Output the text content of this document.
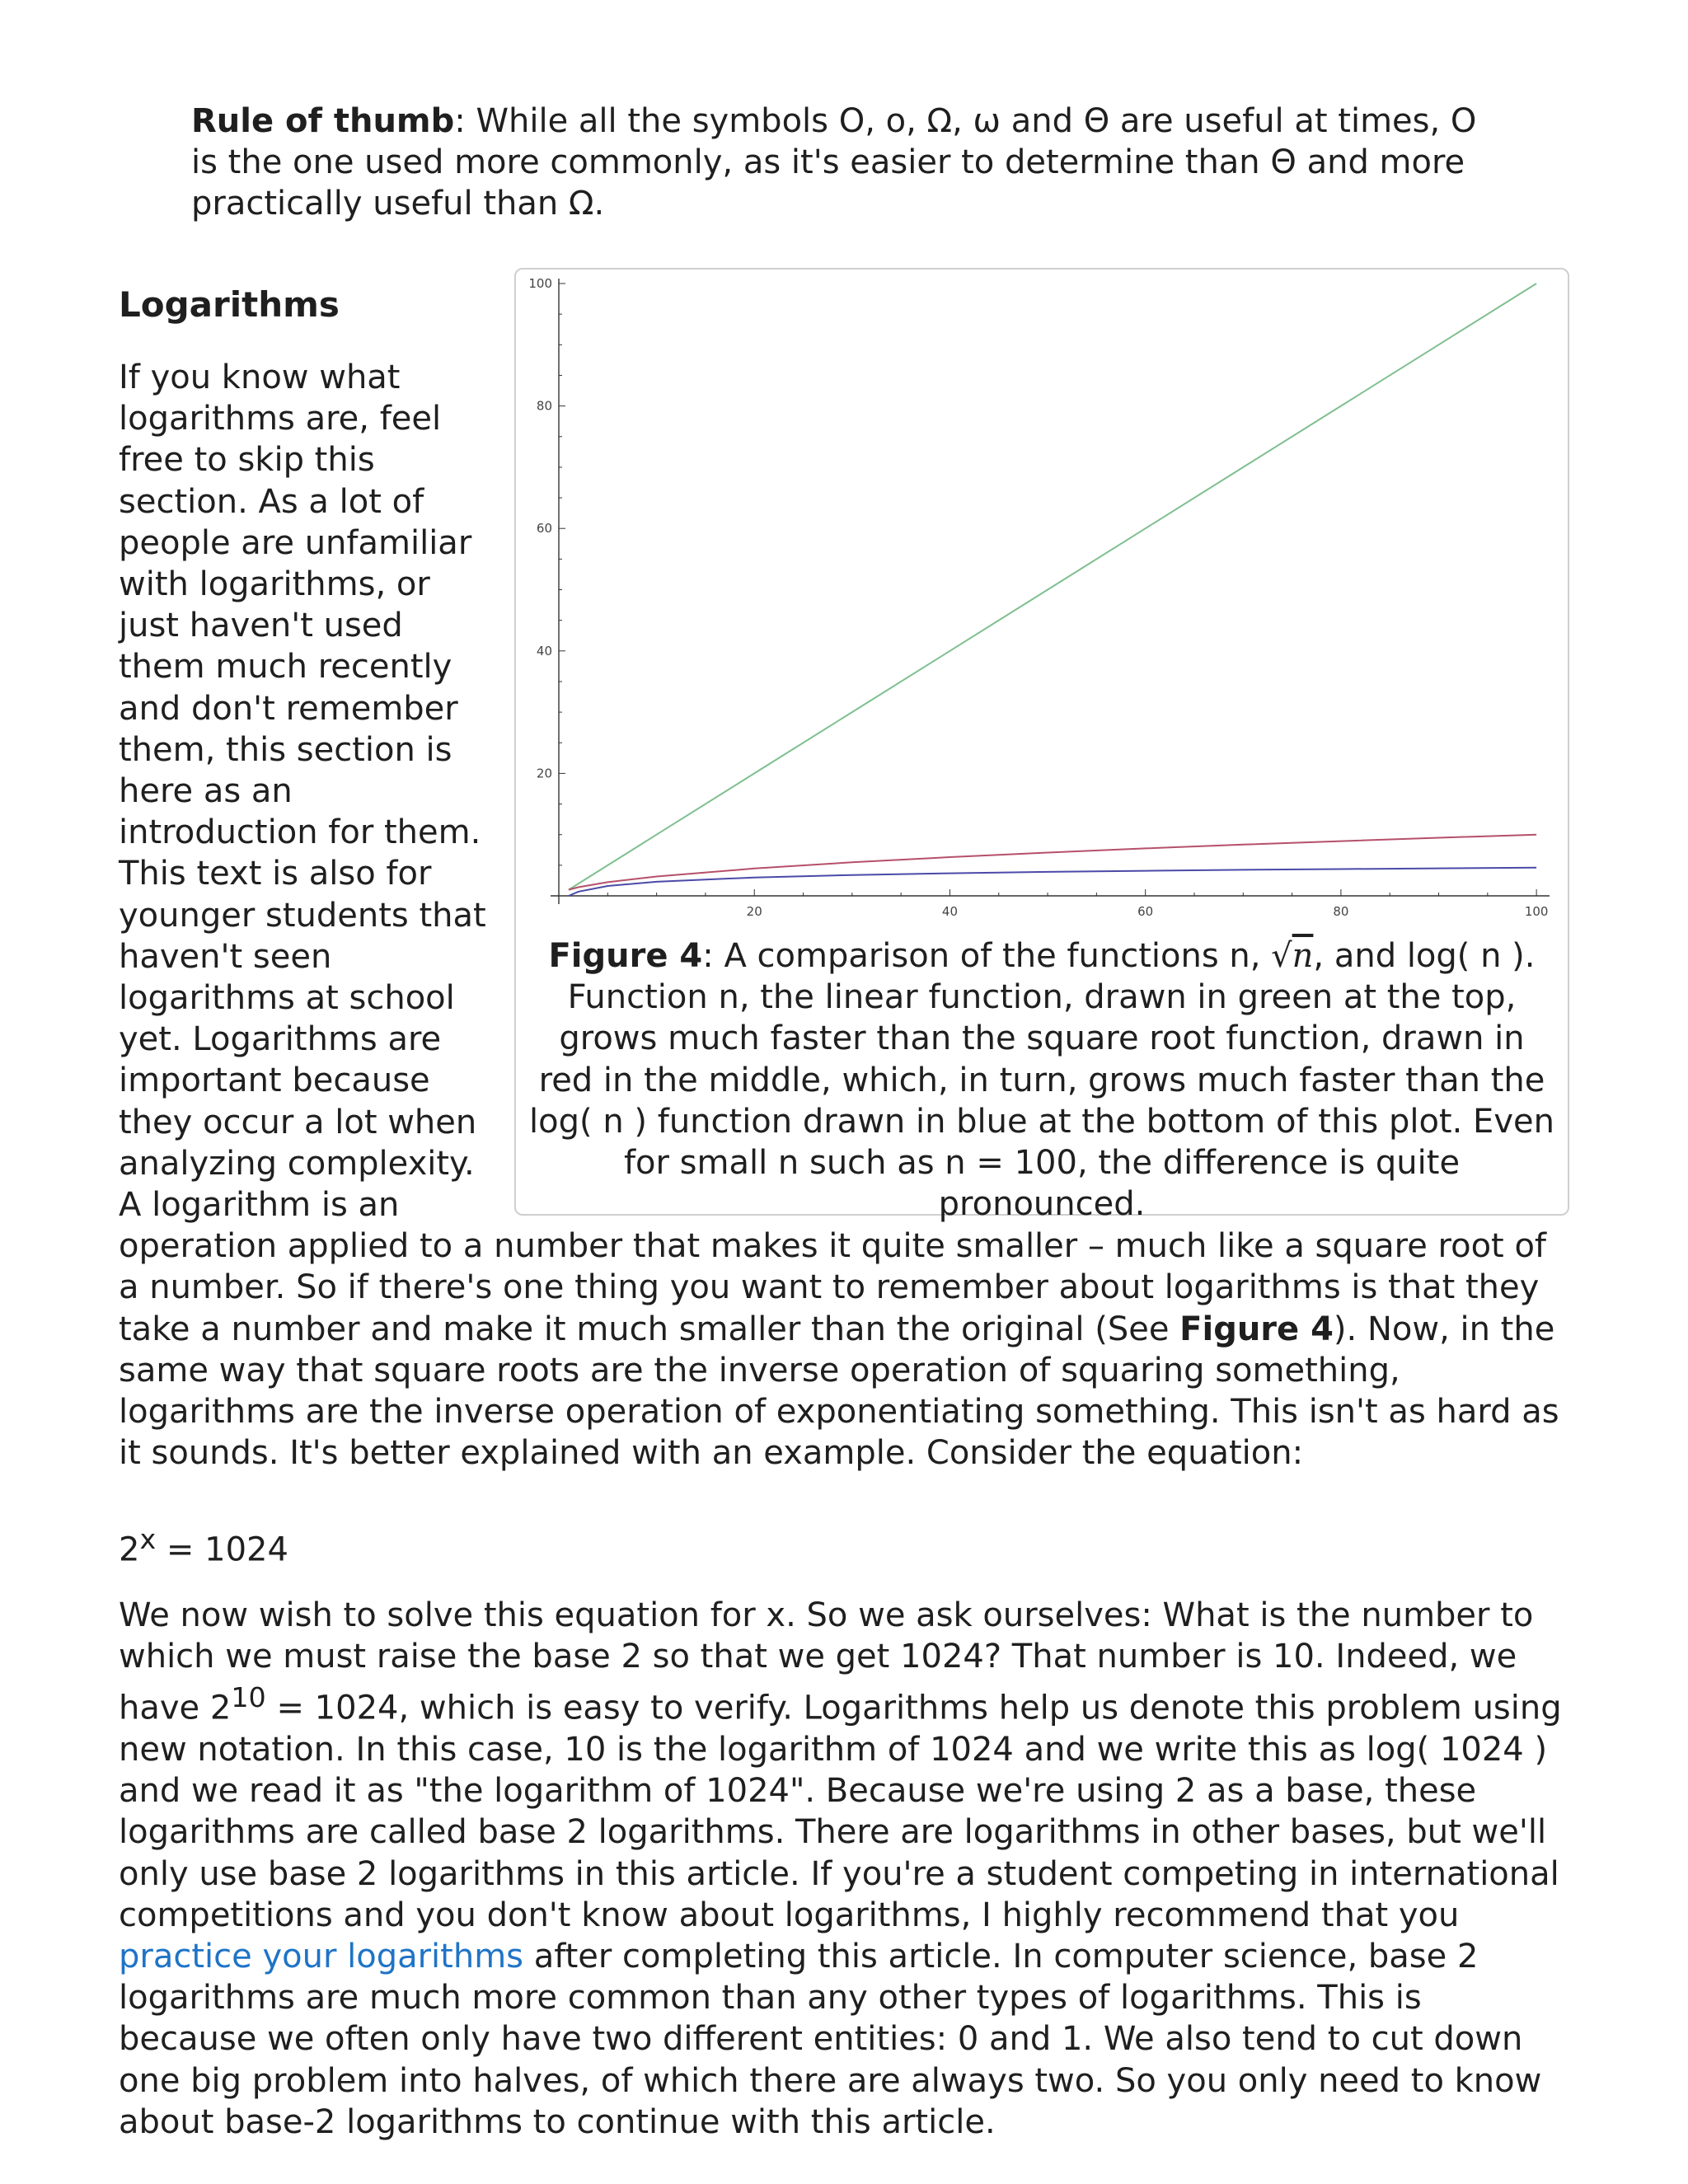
Rule of thumb: While all the symbols O, o, Ω, ω and Θ are useful at times, O is the one used more commonly, as it's easier to determine than Θ and more practically useful than Ω.

Logarithms
20
40
60
80
100
20	40	60	80	100

Figure 4: A comparison of the functions n, √n, and log( n ). Function n, the linear function, drawn in green at the top, grows much faster than the square root function, drawn in red in the middle, which, in turn, grows much faster than the log( n ) function drawn in blue at the bottom of this plot. Even for small n such as n = 100, the difference is quite pronounced.

If you know what logarithms are, feel free to skip this section. As a lot of people are unfamiliar with logarithms, or just haven't used them much recently and don't remember them, this section is here as an introduction for them. This text is also for younger students that haven't seen logarithms at school yet. Logarithms are important because they occur a lot when analyzing complexity. A logarithm is an operation applied to a number that makes it quite smaller – much like a square root of a number. So if there's one thing you want to remember about logarithms is that they take a number and make it much smaller than the original (See Figure 4). Now, in the same way that square roots are the inverse operation of squaring something, logarithms are the inverse operation of exponentiating something. This isn't as hard as it sounds. It's better explained with an example. Consider the equation:

$2^x = 1024$

We now wish to solve this equation for x. So we ask ourselves: What is the number to which we must raise the base 2 so that we get 1024? That number is 10. Indeed, we have $2^{10} = 1024$, which is easy to verify. Logarithms help us denote this problem using new notation. In this case, 10 is the logarithm of 1024 and we write this as log( 1024 ) and we read it as "the logarithm of 1024". Because we're using 2 as a base, these logarithms are called base 2 logarithms. There are logarithms in other bases, but we'll only use base 2 logarithms in this article. If you're a student competing in international competitions and you don't know about logarithms, I highly recommend that you practice your logarithms after completing this article. In computer science, base 2 logarithms are much more common than any other types of logarithms. This is because we often only have two different entities: 0 and 1. We also tend to cut down one big problem into halves, of which there are always two. So you only need to know about base-2 logarithms to continue with this article.
